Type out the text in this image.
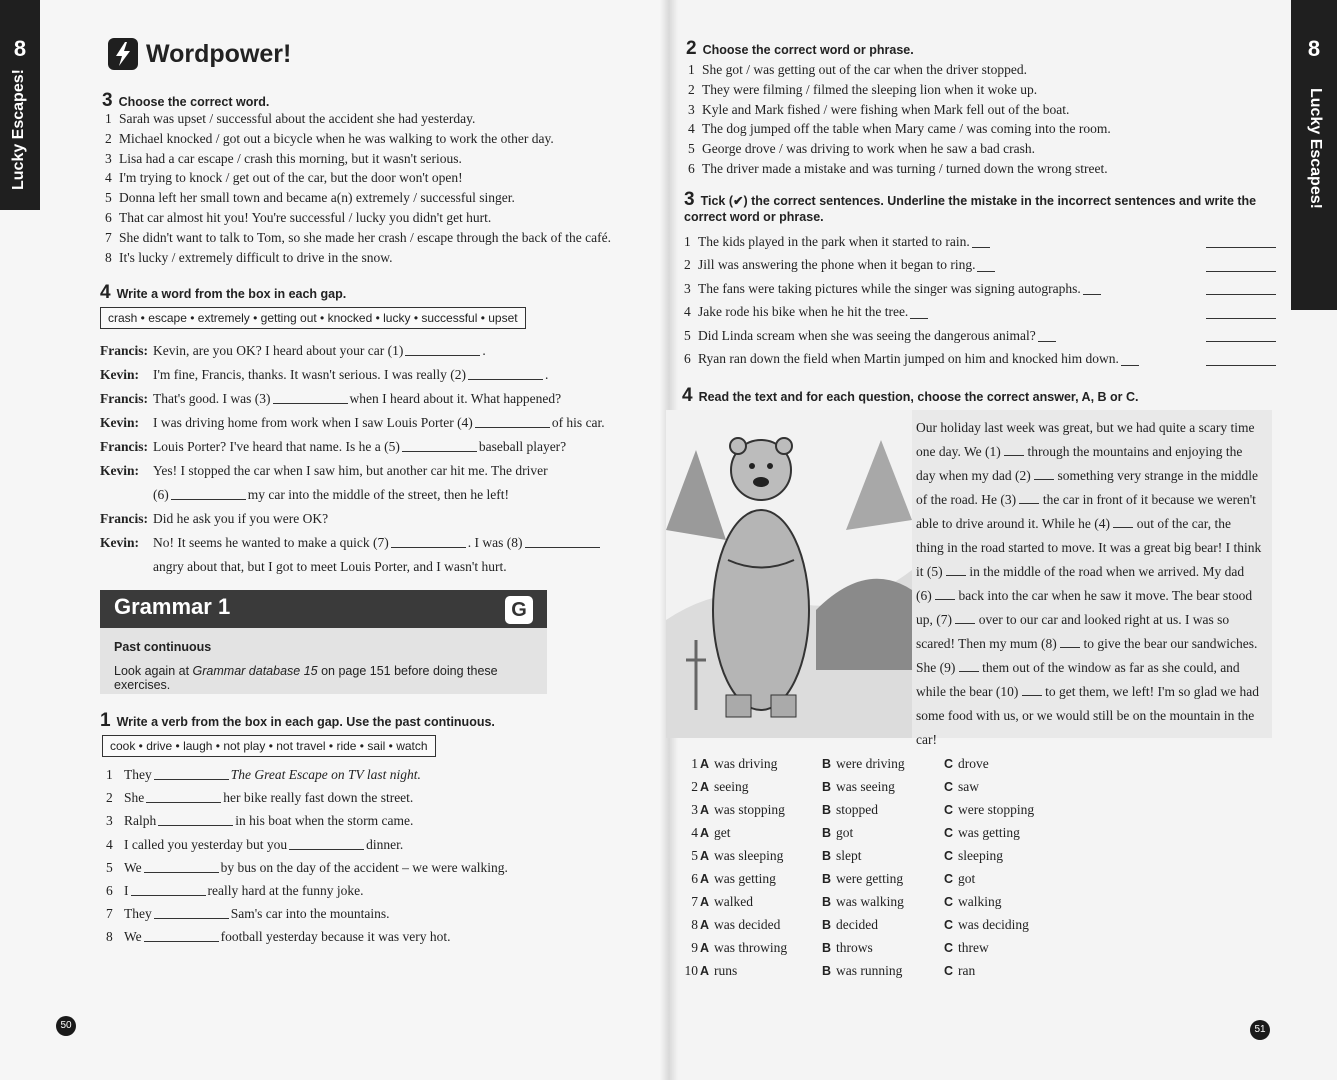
8
Lucky Escapes!
Wordpower!
3 Choose the correct word.
1 Sarah was upset / successful about the accident she had yesterday.
2 Michael knocked / got out a bicycle when he was walking to work the other day.
3 Lisa had a car escape / crash this morning, but it wasn't serious.
4 I'm trying to knock / get out of the car, but the door won't open!
5 Donna left her small town and became a(n) extremely / successful singer.
6 That car almost hit you! You're successful / lucky you didn't get hurt.
7 She didn't want to talk to Tom, so she made her crash / escape through the back of the café.
8 It's lucky / extremely difficult to drive in the snow.
4 Write a word from the box in each gap.
crash • escape • extremely • getting out • knocked • lucky • successful • upset
Francis: Kevin, are you OK? I heard about your car (1)	.
Kevin:	I'm fine, Francis, thanks. It wasn't serious. I was really (2)	.
Francis: That's good. I was (3)	when I heard about it. What happened?
Kevin:	I was driving home from work when I saw Louis Porter (4)	of his car.
Francis: Louis Porter? I've heard that name. Is he a (5)	baseball player?
Kevin:	Yes! I stopped the car when I saw him, but another car hit me. The driver
(6)	my car into the middle of the street, then he left!
Francis: Did he ask you if you were OK?
Kevin:	No! It seems he wanted to make a quick (7)	. I was (8)
angry about that, but I got to meet Louis Porter, and I wasn't hurt.
Grammar 1	G
Past continuous
Look again at Grammar database 15 on page 151 before doing these exercises.
1 Write a verb from the box in each gap. Use the past continuous.
cook • drive • laugh • not play • not travel • ride • sail • watch
1 They	The Great Escape on TV last night.
2 She	her bike really fast down the street.
3 Ralph	in his boat when the storm came.
4 I called you yesterday but you	dinner.
5 We	by bus on the day of the accident – we were walking.
6 I	really hard at the funny joke.
7 They	Sam's car into the mountains.
8 We	football yesterday because it was very hot.
50
8
Lucky Escapes!
2 Choose the correct word or phrase.
1 She got / was getting out of the car when the driver stopped.
2 They were filming / filmed the sleeping lion when it woke up.
3 Kyle and Mark fished / were fishing when Mark fell out of the boat.
4 The dog jumped off the table when Mary came / was coming into the room.
5 George drove / was driving to work when he saw a bad crash.
6 The driver made a mistake and was turning / turned down the wrong street.
3 Tick (✔) the correct sentences. Underline the mistake in the incorrect sentences and write the correct word or phrase.
1 The kids played in the park when it started to rain.
2 Jill was answering the phone when it began to ring.
3 The fans were taking pictures while the singer was signing autographs.
4 Jake rode his bike when he hit the tree.
5 Did Linda scream when she was seeing the dangerous animal?
6 Ryan ran down the field when Martin jumped on him and knocked him down.
4 Read the text and for each question, choose the correct answer, A, B or C.
Our holiday last week was great, but we had quite a scary time one day. We (1) through the mountains and enjoying the day when my dad (2) something very strange in the middle of the road. He (3) the car in front of it because we weren't able to drive around it. While he (4) out of the car, the thing in the road started to move. It was a great big bear! I think it (5) in the middle of the road when we arrived. My dad (6) back into the car when he saw it move. The bear stood up, (7) over to our car and looked right at us. I was so scared! Then my mum (8) to give the bear our sandwiches. She (9) them out of the window as far as she could, and while the bear (10) to get them, we left! I'm so glad we had some food with us, or we would still be on the mountain in the car!
1 A was driving	B were driving	C drove
2 A seeing	B was seeing	C saw
3 A was stopping	B stopped	C were stopping
4 A get	B got	C was getting
5 A was sleeping	B slept	C sleeping
6 A was getting	B were getting	C got
7 A walked	B was walking	C walking
8 A was decided	B decided	C was deciding
9 A was throwing	B throws	C threw
10 A runs	B was running	C ran
51
